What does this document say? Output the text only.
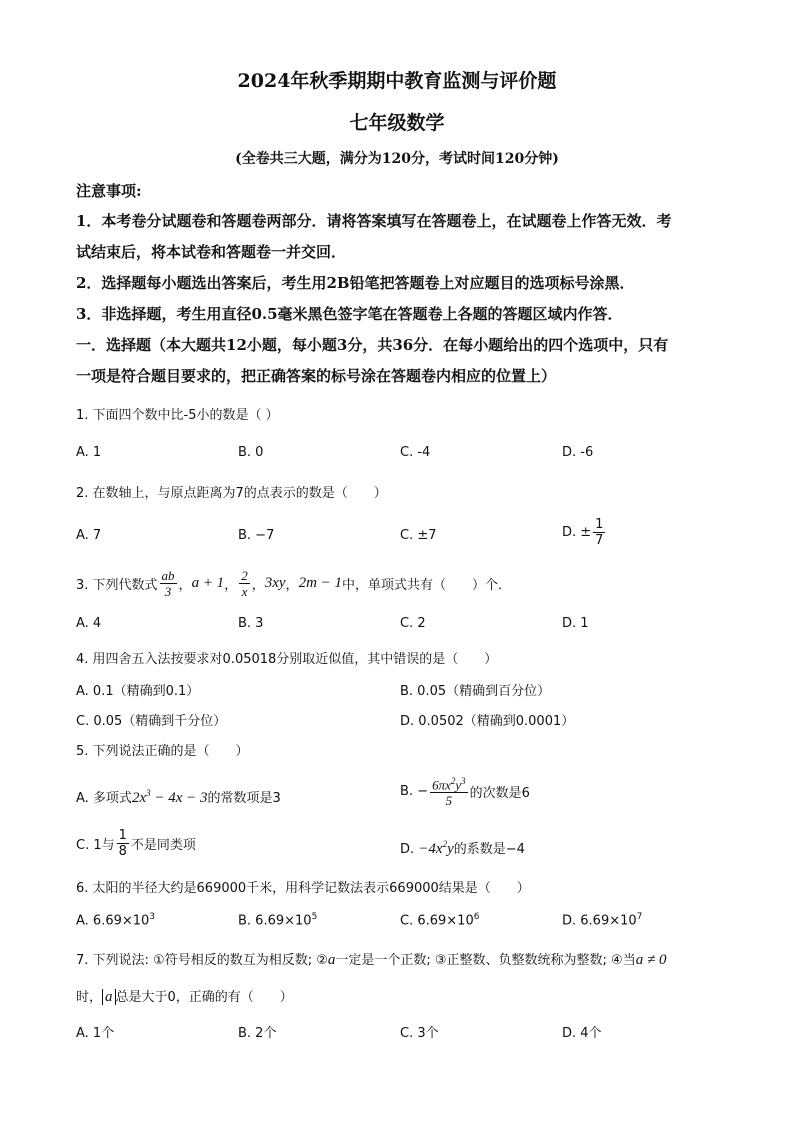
2024年秋季期期中教育监测与评价题
七年级数学
(全卷共三大题，满分为120分，考试时间120分钟)
注意事项:
1．本考卷分试题卷和答题卷两部分．请将答案填写在答题卷上，在试题卷上作答无效．考
试结束后，将本试卷和答题卷一并交回．
2．选择题每小题选出答案后，考生用2B铅笔把答题卷上对应题目的选项标号涂黑．
3．非选择题，考生用直径0.5毫米黑色签字笔在答题卷上各题的答题区域内作答．
一．选择题（本大题共12小题，每小题3分，共36分．在每小题给出的四个选项中，只有
一项是符合题目要求的，把正确答案的标号涂在答题卷内相应的位置上）
1. 下面四个数中比-5小的数是（ ）
A. 1	B. 0	C. -4	D. -6
2. 在数轴上，与原点距离为7的点表示的数是（　　）
A. 7	B. −7	C. ±7	D. ± $\frac{1}{7}$
3. 下列代数式 $\frac{ab}{3}$ ， a + 1 ， $\frac{2}{x}$ ， 3xy ， 2m − 1 中，单项式共有（　　）个．
A. 4	B. 3	C. 2	D. 1
4. 用四舍五入法按要求对0.05018分别取近似值，其中错误的是（　　）
A. 0.1（精确到0.1）	B. 0.05（精确到百分位）
C. 0.05（精确到千分位）	D. 0.0502（精确到0.0001）
5. 下列说法正确的是（　　）
A. 多项式$2x^3 - 4x - 3$的常数项是3	B. − $\frac{6\pi x^2y^3}{5}$ 的次数是6
C. 1与 $\frac{1}{8}$ 不是同类项	D. $-4x^2y$的系数是−4
6. 太阳的半径大约是669000千米，用科学记数法表示669000结果是（　　）
A. $6.69\times 10^3$	B. $6.69\times 10^5$	C. $6.69\times 10^6$	D. $6.69\times 10^7$
7. 下列说法: ①符号相反的数互为相反数; ②a一定是一个正数; ③正整数、负整数统称为整数; ④当a ≠ 0
时， a 总是大于0，正确的有（　　）
A. 1个	B. 2个	C. 3个	D. 4个
